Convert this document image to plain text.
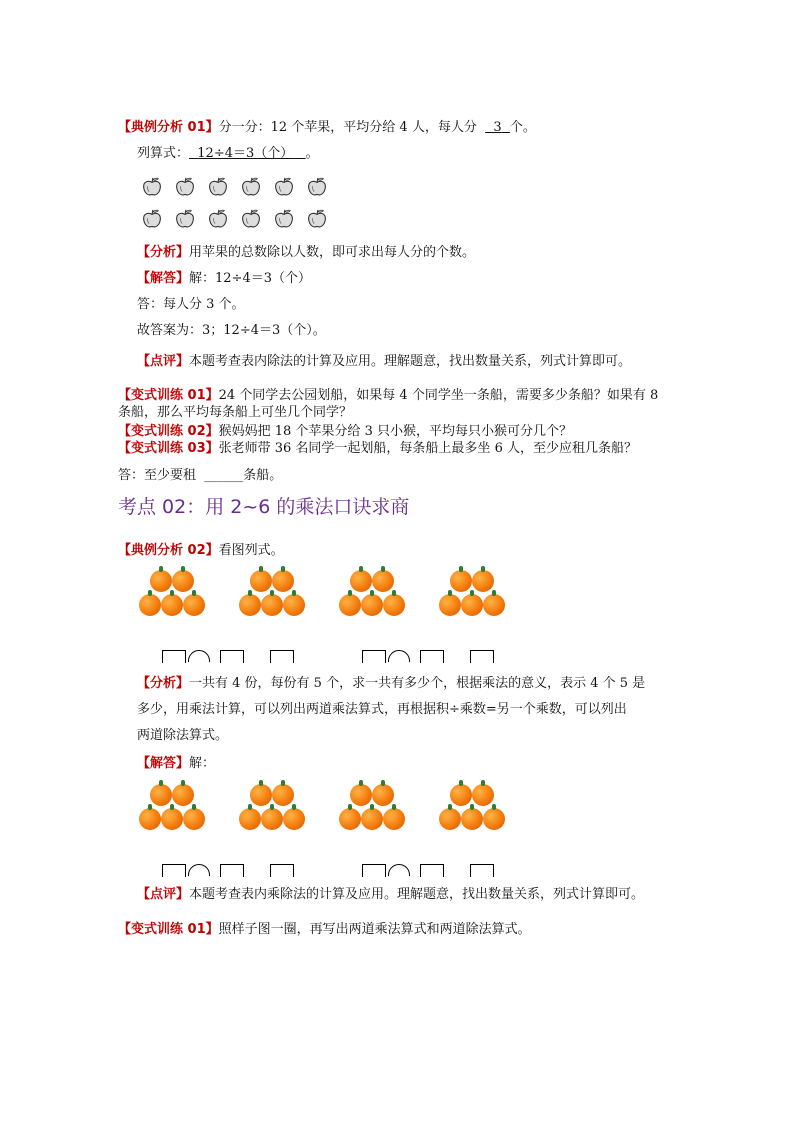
【典例分析 01】分一分：12 个苹果，平均分给 4 人，每人分 3 个。
列算式： 12÷4＝3（个） 。
【分析】用苹果的总数除以人数，即可求出每人分的个数。
【解答】解：12÷4＝3（个）
答：每人分 3 个。
故答案为：3；12÷4＝3（个）。
【点评】本题考查表内除法的计算及应用。理解题意，找出数量关系，列式计算即可。
【变式训练 01】24 个同学去公园划船，如果每 4 个同学坐一条船，需要多少条船？如果有 8
条船，那么平均每条船上可坐几个同学？
【变式训练 02】猴妈妈把 18 个苹果分给 3 只小猴，平均每只小猴可分几个？
【变式训练 03】张老师带 36 名同学一起划船，每条船上最多坐 6 人，至少应租几条船？
答：至少要租 ______条船。
考点 02：用 2~6 的乘法口诀求商
【典例分析 02】看图列式。
【分析】一共有 4 份，每份有 5 个，求一共有多少个，根据乘法的意义，表示 4 个 5 是
多少，用乘法计算，可以列出两道乘法算式，再根据积÷乘数=另一个乘数，可以列出
两道除法算式。
【解答】解：
【点评】本题考查表内乘除法的计算及应用。理解题意，找出数量关系，列式计算即可。
【变式训练 01】照样子图一圈，再写出两道乘法算式和两道除法算式。
